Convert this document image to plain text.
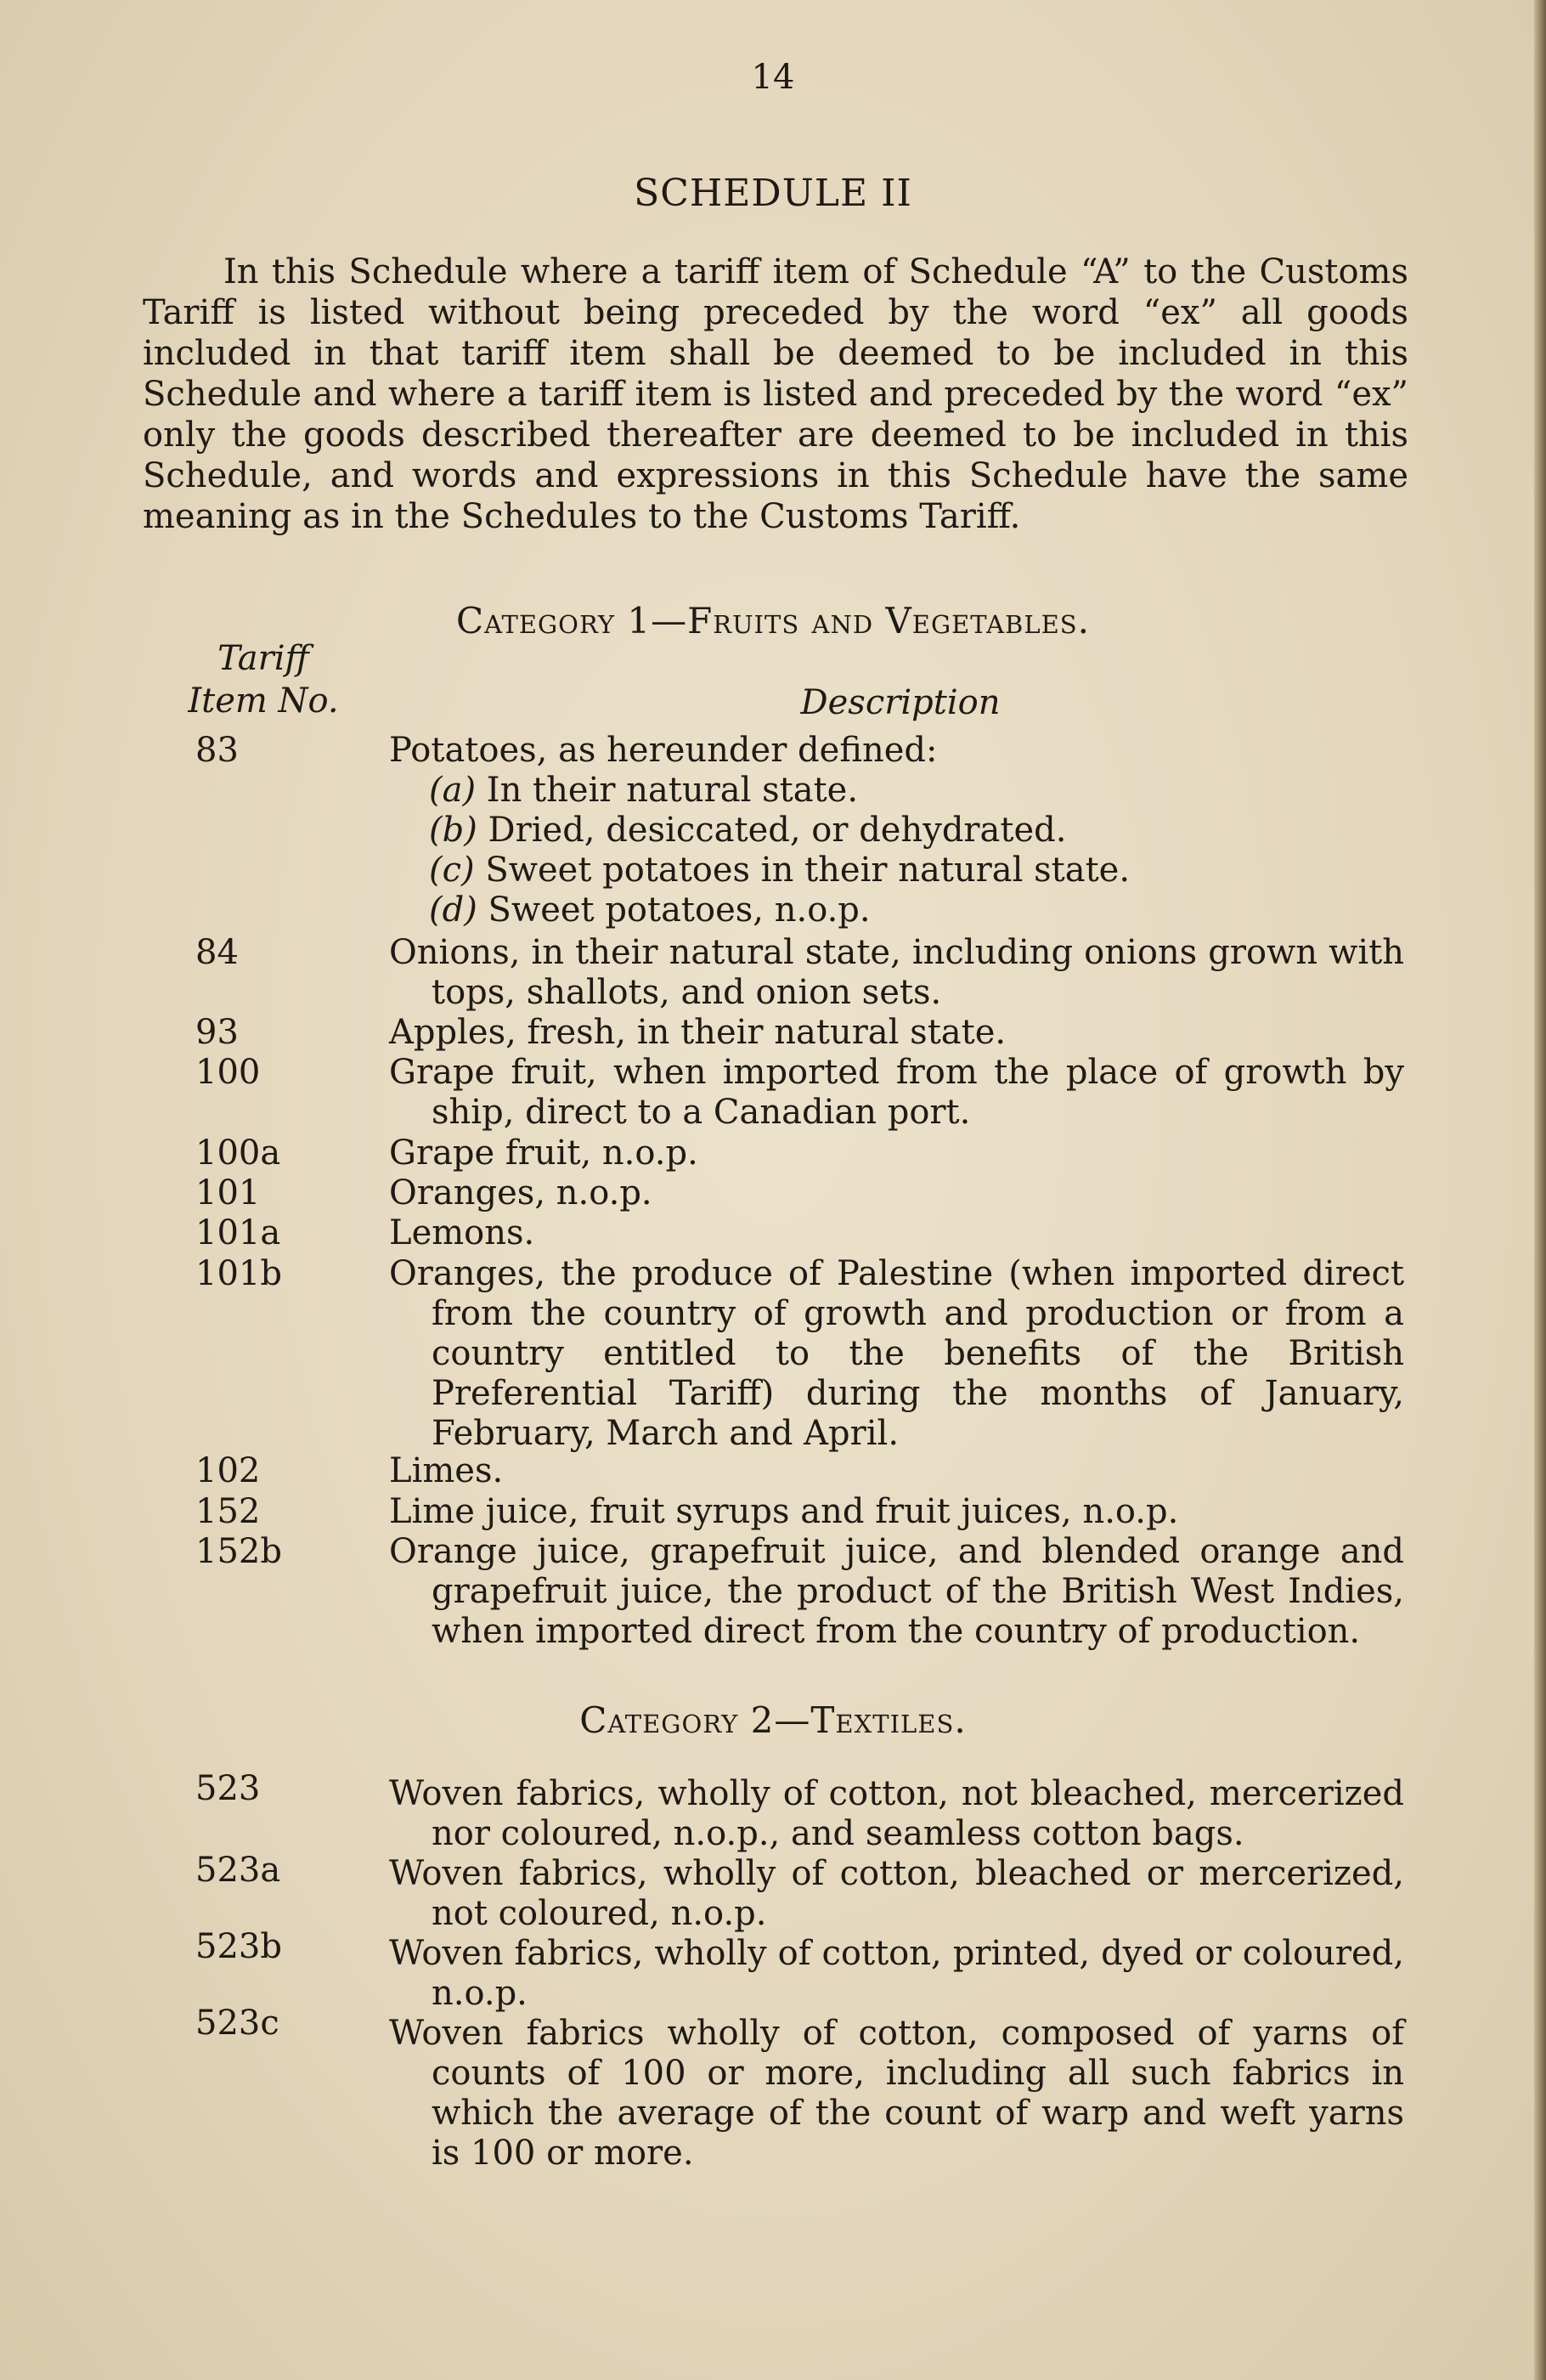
14
SCHEDULE II

In this Schedule where a tariff item of Schedule “A” to the Customs Tariff is listed without being preceded by the word “ex” all goods included in that tariff item shall be deemed to be included in this Schedule and where a tariff item is listed and preceded by the word “ex” only the goods described thereafter are deemed to be included in this Schedule, and words and expressions in this Schedule have the same meaning as in the Schedules to the Customs Tariff.

Category 1—Fruits and Vegetables.
Tariff
Item No.	Description
83	Potatoes, as hereunder defined:
(a) In their natural state.
(b) Dried, desiccated, or dehydrated.
(c) Sweet potatoes in their natural state.
(d) Sweet potatoes, n.o.p.
84	Onions, in their natural state, including onions grown with tops, shallots, and onion sets.
93	Apples, fresh, in their natural state.
100	Grape fruit, when imported from the place of growth by ship, direct to a Canadian port.
100a	Grape fruit, n.o.p.
101	Oranges, n.o.p.
101a	Lemons.
101b	Oranges, the produce of Palestine (when imported direct from the country of growth and production or from a country entitled to the benefits of the British Preferential Tariff) during the months of January, February, March and April.
102	Limes.
152	Lime juice, fruit syrups and fruit juices, n.o.p.
152b	Orange juice, grapefruit juice, and blended orange and grapefruit juice, the product of the British West Indies, when imported direct from the country of production.
Category 2—Textiles.
523	Woven fabrics, wholly of cotton, not bleached, mercerized nor coloured, n.o.p., and seamless cotton bags.
523a	Woven fabrics, wholly of cotton, bleached or mercerized, not coloured, n.o.p.
523b	Woven fabrics, wholly of cotton, printed, dyed or coloured, n.o.p.
523c	Woven fabrics wholly of cotton, composed of yarns of counts of 100 or more, including all such fabrics in which the average of the count of warp and weft yarns is 100 or more.
